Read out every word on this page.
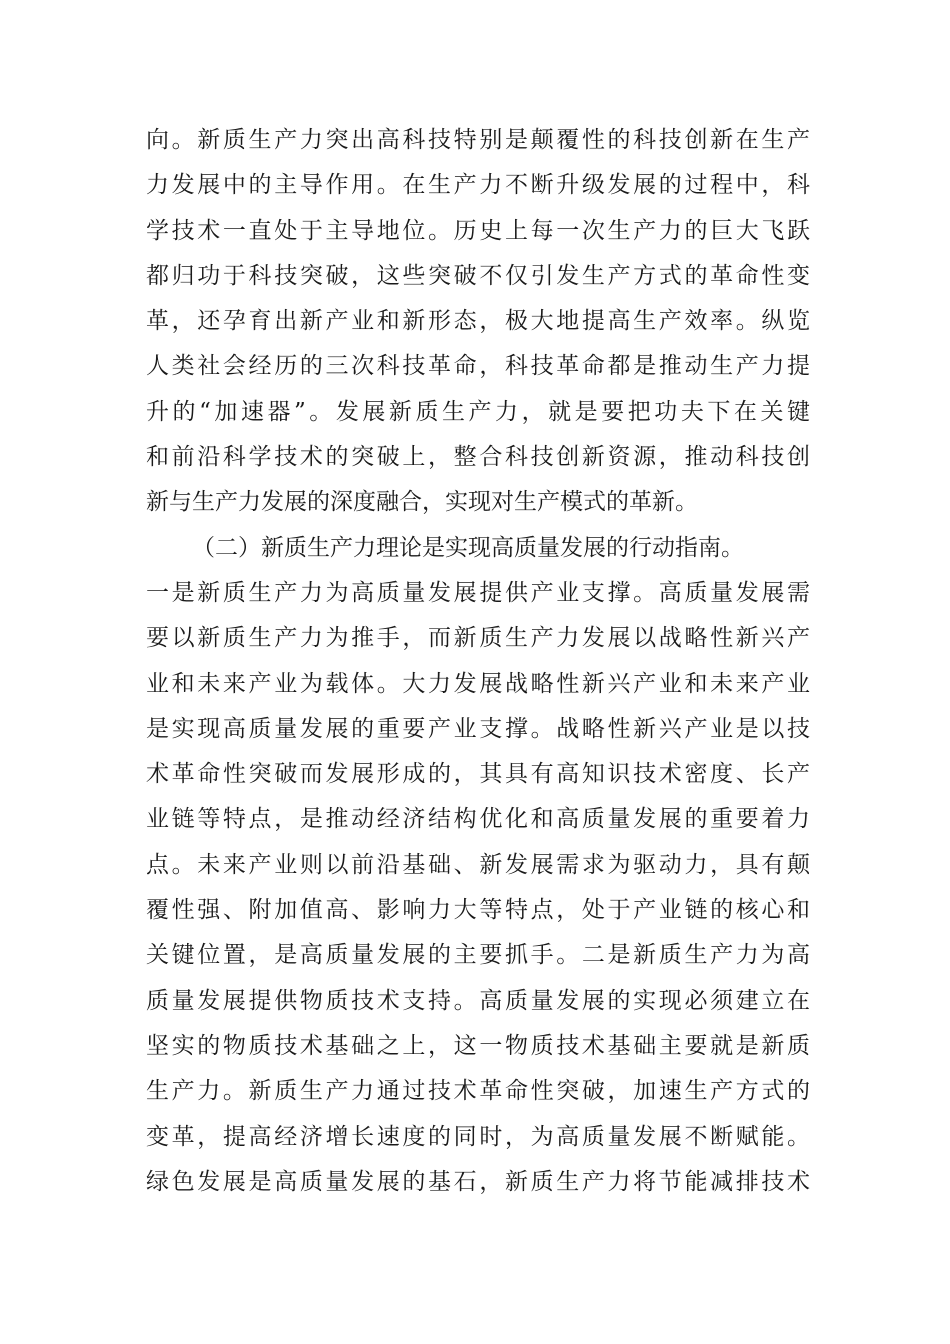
向。新质生产力突出高科技特别是颠覆性的科技创新在生产
力发展中的主导作用。在生产力不断升级发展的过程中，科
学技术一直处于主导地位。历史上每一次生产力的巨大飞跃
都归功于科技突破，这些突破不仅引发生产方式的革命性变
革，还孕育出新产业和新形态，极大地提高生产效率。纵览
人类社会经历的三次科技革命，科技革命都是推动生产力提
升的“加速器”。发展新质生产力，就是要把功夫下在关键
和前沿科学技术的突破上，整合科技创新资源，推动科技创
新与生产力发展的深度融合，实现对生产模式的革新。
（二）新质生产力理论是实现高质量发展的行动指南。
一是新质生产力为高质量发展提供产业支撑。高质量发展需
要以新质生产力为推手，而新质生产力发展以战略性新兴产
业和未来产业为载体。大力发展战略性新兴产业和未来产业
是实现高质量发展的重要产业支撑。战略性新兴产业是以技
术革命性突破而发展形成的，其具有高知识技术密度、长产
业链等特点，是推动经济结构优化和高质量发展的重要着力
点。未来产业则以前沿基础、新发展需求为驱动力，具有颠
覆性强、附加值高、影响力大等特点，处于产业链的核心和
关键位置，是高质量发展的主要抓手。二是新质生产力为高
质量发展提供物质技术支持。高质量发展的实现必须建立在
坚实的物质技术基础之上，这一物质技术基础主要就是新质
生产力。新质生产力通过技术革命性突破，加速生产方式的
变革，提高经济增长速度的同时，为高质量发展不断赋能。
绿色发展是高质量发展的基石，新质生产力将节能减排技术
